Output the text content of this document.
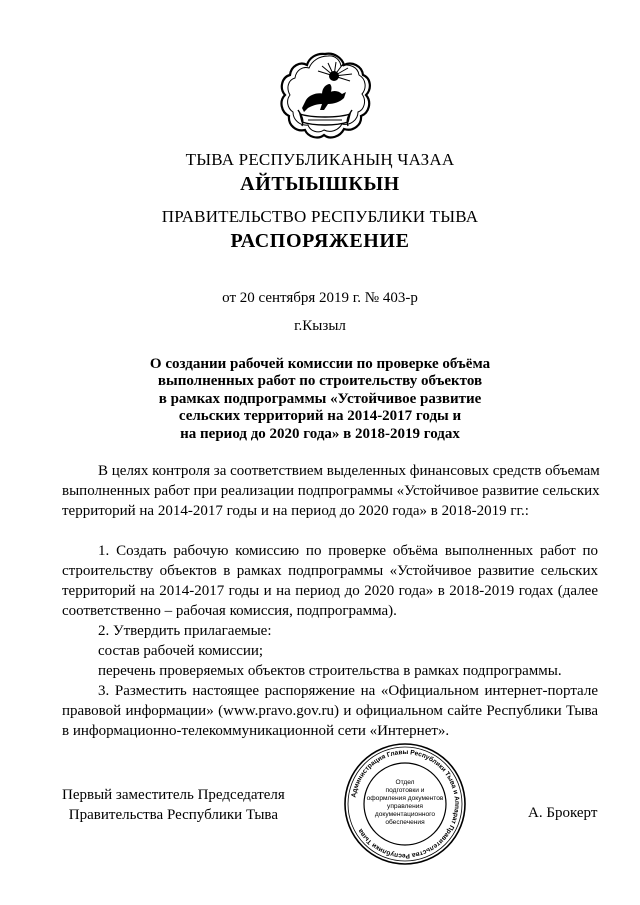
ТЫВА РЕСПУБЛИКАНЫҢ ЧАЗАА
АЙТЫЫШКЫН
ПРАВИТЕЛЬСТВО РЕСПУБЛИКИ ТЫВА
РАСПОРЯЖЕНИЕ
от 20 сентября 2019 г. № 403-р
г.Кызыл
О создании рабочей комиссии по проверке объёма
выполненных работ по строительству объектов
в рамках подпрограммы «Устойчивое развитие
сельских территорий на 2014-2017 годы и
на период до 2020 года» в 2018-2019 годах
В целях контроля за соответствием выделенных финансовых средств объемам
выполненных работ при реализации подпрограммы «Устойчивое развитие сельских
территорий на 2014-2017 годы и на период до 2020 года» в 2018-2019 гг.:
1. Создать рабочую комиссию по проверке объёма выполненных работ по
строительству объектов в рамках подпрограммы «Устойчивое развитие сельских
территорий на 2014-2017 годы и на период до 2020 года» в 2018-2019 годах (далее
соответственно – рабочая комиссия, подпрограмма).
2. Утвердить прилагаемые:
состав рабочей комиссии;
перечень проверяемых объектов строительства в рамках подпрограммы.
3. Разместить настоящее распоряжение на «Официальном интернет-портале
правовой информации» (www.pravo.gov.ru) и официальном сайте Республики Тыва
в информационно-телекоммуникационной сети «Интернет».
Администрация Главы Республики Тыва и Аппарат Правительства Республики Тыва
Отдел
подготовки и
оформления документов
управления
документационного
обеспечения
Первый заместитель Председателя
Правительства Республики Тыва	А. Брокерт
